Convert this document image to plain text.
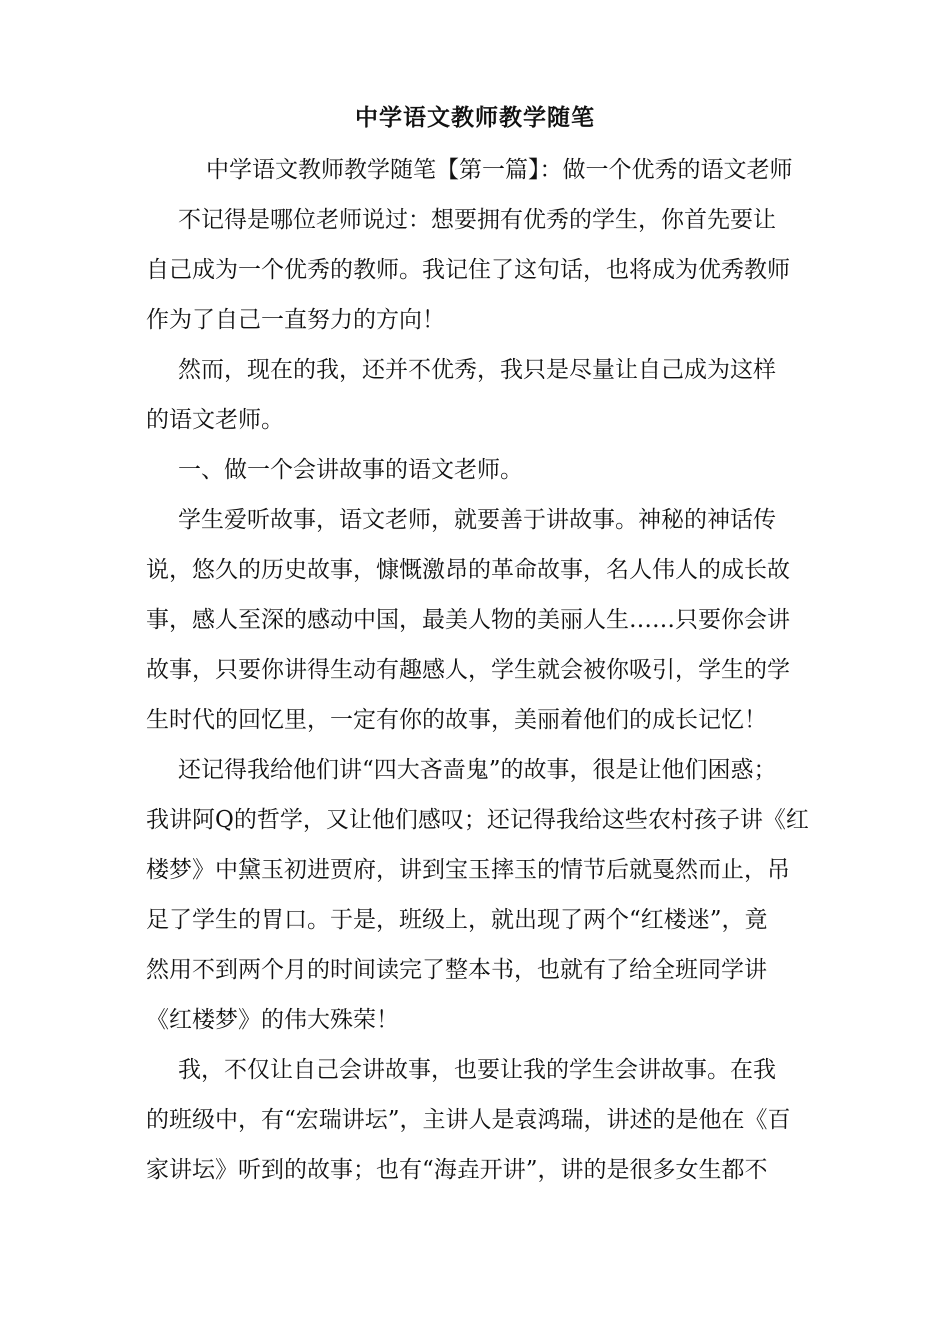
中学语文教师教学随笔
中学语文教师教学随笔【第一篇】：做一个优秀的语文老师
不记得是哪位老师说过：想要拥有优秀的学生，你首先要让
自己成为一个优秀的教师。我记住了这句话，也将成为优秀教师
作为了自己一直努力的方向！
然而，现在的我，还并不优秀，我只是尽量让自己成为这样
的语文老师。
一、做一个会讲故事的语文老师。
学生爱听故事，语文老师，就要善于讲故事。神秘的神话传
说，悠久的历史故事，慷慨激昂的革命故事，名人伟人的成长故
事，感人至深的感动中国，最美人物的美丽人生……只要你会讲
故事，只要你讲得生动有趣感人，学生就会被你吸引，学生的学
生时代的回忆里，一定有你的故事，美丽着他们的成长记忆！
还记得我给他们讲“四大吝啬鬼”的故事，很是让他们困惑；
我讲阿Q的哲学，又让他们感叹；还记得我给这些农村孩子讲《红
楼梦》中黛玉初进贾府，讲到宝玉摔玉的情节后就戛然而止，吊
足了学生的胃口。于是，班级上，就出现了两个“红楼迷”，竟
然用不到两个月的时间读完了整本书，也就有了给全班同学讲
《红楼梦》的伟大殊荣！
我，不仅让自己会讲故事，也要让我的学生会讲故事。在我
的班级中，有“宏瑞讲坛”，主讲人是袁鸿瑞，讲述的是他在《百
家讲坛》听到的故事；也有“海垚开讲”，讲的是很多女生都不
